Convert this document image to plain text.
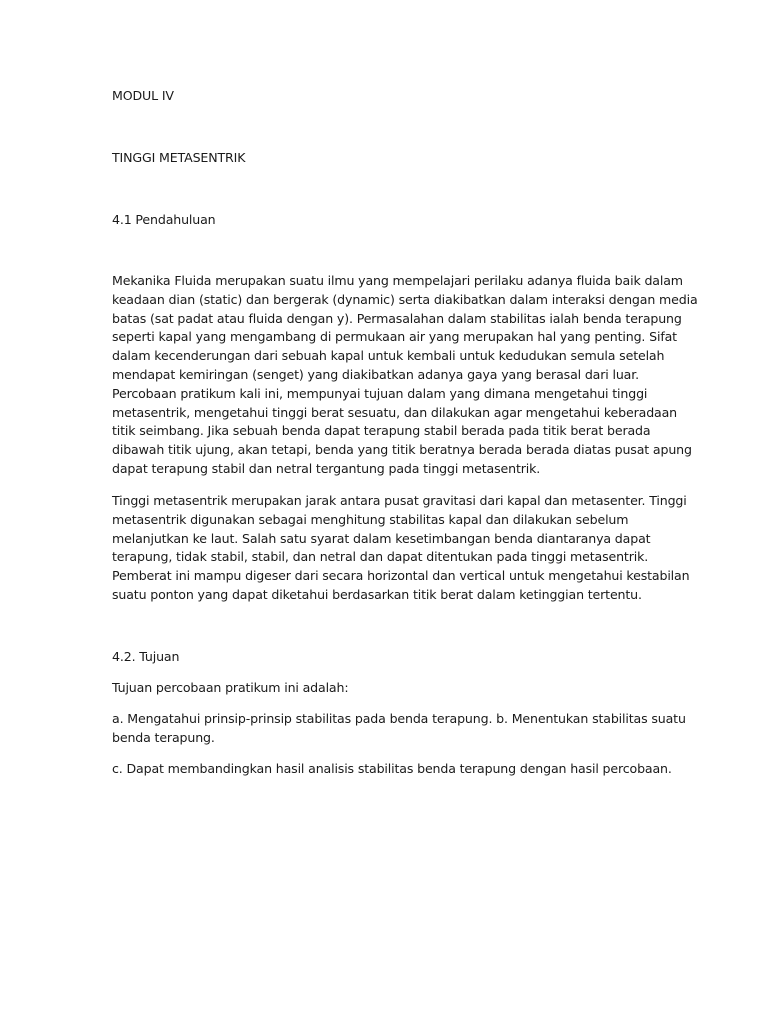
MODUL IV

TINGGI METASENTRIK

4.1 Pendahuluan

Mekanika Fluida merupakan suatu ilmu yang mempelajari perilaku adanya fluida baik dalam
keadaan dian (static) dan bergerak (dynamic) serta diakibatkan dalam interaksi dengan media
batas (sat padat atau fluida dengan y). Permasalahan dalam stabilitas ialah benda terapung
seperti kapal yang mengambang di permukaan air yang merupakan hal yang penting. Sifat
dalam kecenderungan dari sebuah kapal untuk kembali untuk kedudukan semula setelah
mendapat kemiringan (senget) yang diakibatkan adanya gaya yang berasal dari luar.
Percobaan pratikum kali ini, mempunyai tujuan dalam yang dimana mengetahui tinggi
metasentrik, mengetahui tinggi berat sesuatu, dan dilakukan agar mengetahui keberadaan
titik seimbang. Jika sebuah benda dapat terapung stabil berada pada titik berat berada
dibawah titik ujung, akan tetapi, benda yang titik beratnya berada berada diatas pusat apung
dapat terapung stabil dan netral tergantung pada tinggi metasentrik.

Tinggi metasentrik merupakan jarak antara pusat gravitasi dari kapal dan metasenter. Tinggi
metasentrik digunakan sebagai menghitung stabilitas kapal dan dilakukan sebelum
melanjutkan ke laut. Salah satu syarat dalam kesetimbangan benda diantaranya dapat
terapung, tidak stabil, stabil, dan netral dan dapat ditentukan pada tinggi metasentrik.
Pemberat ini mampu digeser dari secara horizontal dan vertical untuk mengetahui kestabilan
suatu ponton yang dapat diketahui berdasarkan titik berat dalam ketinggian tertentu.

4.2. Tujuan

Tujuan percobaan pratikum ini adalah:

a. Mengatahui prinsip-prinsip stabilitas pada benda terapung. b. Menentukan stabilitas suatu
benda terapung.

c. Dapat membandingkan hasil analisis stabilitas benda terapung dengan hasil percobaan.
